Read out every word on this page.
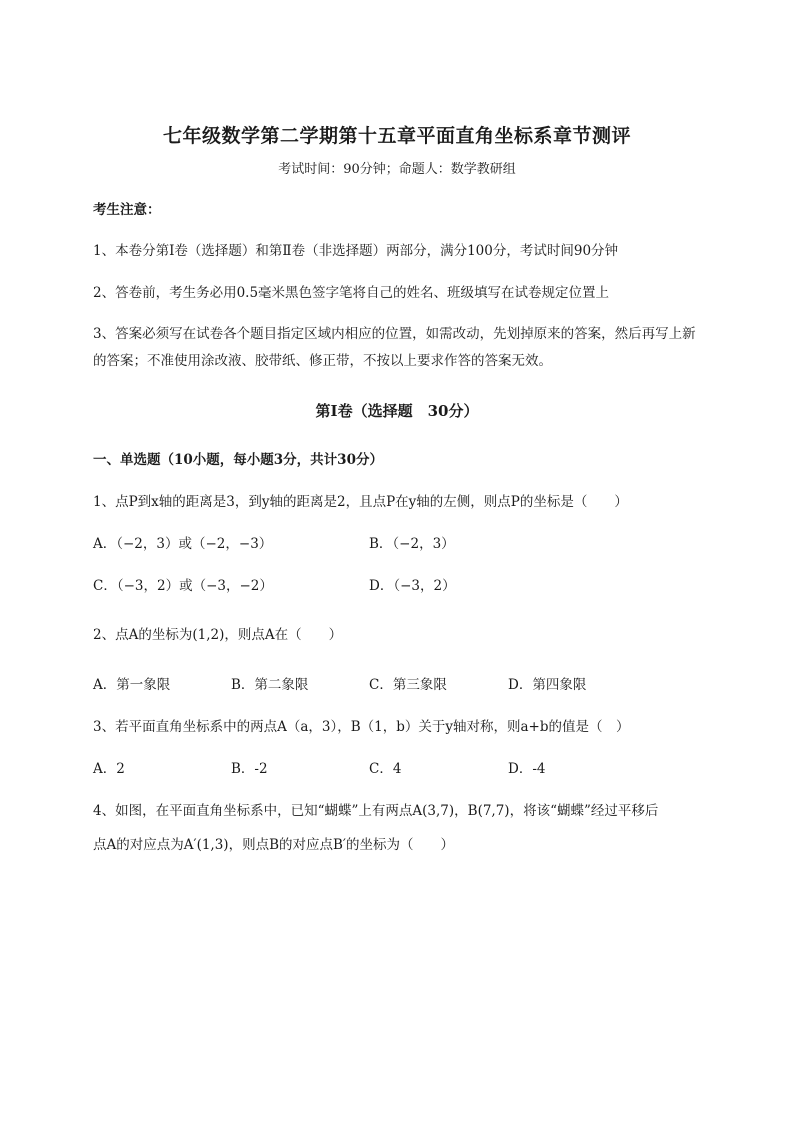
七年级数学第二学期第十五章平面直角坐标系章节测评
考试时间：90分钟；命题人：数学教研组
考生注意：
1、本卷分第I卷（选择题）和第Ⅱ卷（非选择题）两部分，满分100分，考试时间90分钟
2、答卷前，考生务必用0.5毫米黑色签字笔将自己的姓名、班级填写在试卷规定位置上
3、答案必须写在试卷各个题目指定区域内相应的位置，如需改动，先划掉原来的答案，然后再写上新
的答案；不准使用涂改液、胶带纸、修正带，不按以上要求作答的答案无效。
第I卷（选择题　30分）
一、单选题（10小题，每小题3分，共计30分）
1、点P到x轴的距离是3，到y轴的距离是2，且点P在y轴的左侧，则点P的坐标是（　　）
A．（−2，3）或（−2，−3）	B．（−2，3）
C．（−3，2）或（−3，−2）	D．（−3，2）
2、点A的坐标为(1,2)，则点A在（　　）
A．第一象限	B．第二象限	C．第三象限	D．第四象限
3、若平面直角坐标系中的两点A（a，3），B（1，b）关于y轴对称，则a+b的值是（　）
A．2	B．-2	C．4	D．-4
4、如图，在平面直角坐标系中，已知“蝴蝶”上有两点A(3,7)，B(7,7)，将该“蝴蝶”经过平移后
点A的对应点为A′(1,3)，则点B的对应点B′的坐标为（　　）
